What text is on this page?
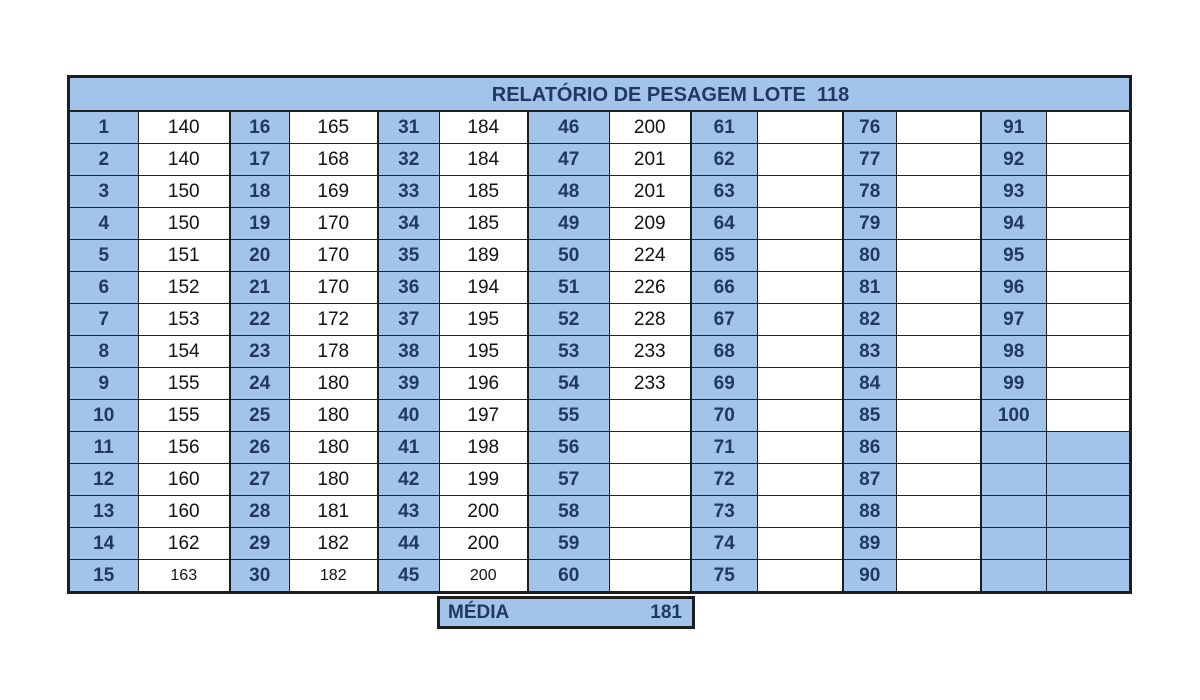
RELATÓRIO DE PESAGEM LOTE  118
1	140	16	165	31	184	46	200	61		76		91	
2	140	17	168	32	184	47	201	62		77		92	
3	150	18	169	33	185	48	201	63		78		93	
4	150	19	170	34	185	49	209	64		79		94	
5	151	20	170	35	189	50	224	65		80		95	
6	152	21	170	36	194	51	226	66		81		96	
7	153	22	172	37	195	52	228	67		82		97	
8	154	23	178	38	195	53	233	68		83		98	
9	155	24	180	39	196	54	233	69		84		99	
10	155	25	180	40	197	55		70		85		100	
11	156	26	180	41	198	56		71		86			
12	160	27	180	42	199	57		72		87			
13	160	28	181	43	200	58		73		88			
14	162	29	182	44	200	59		74		89			
15	163	30	182	45	200	60		75		90			
MÉDIA	181
